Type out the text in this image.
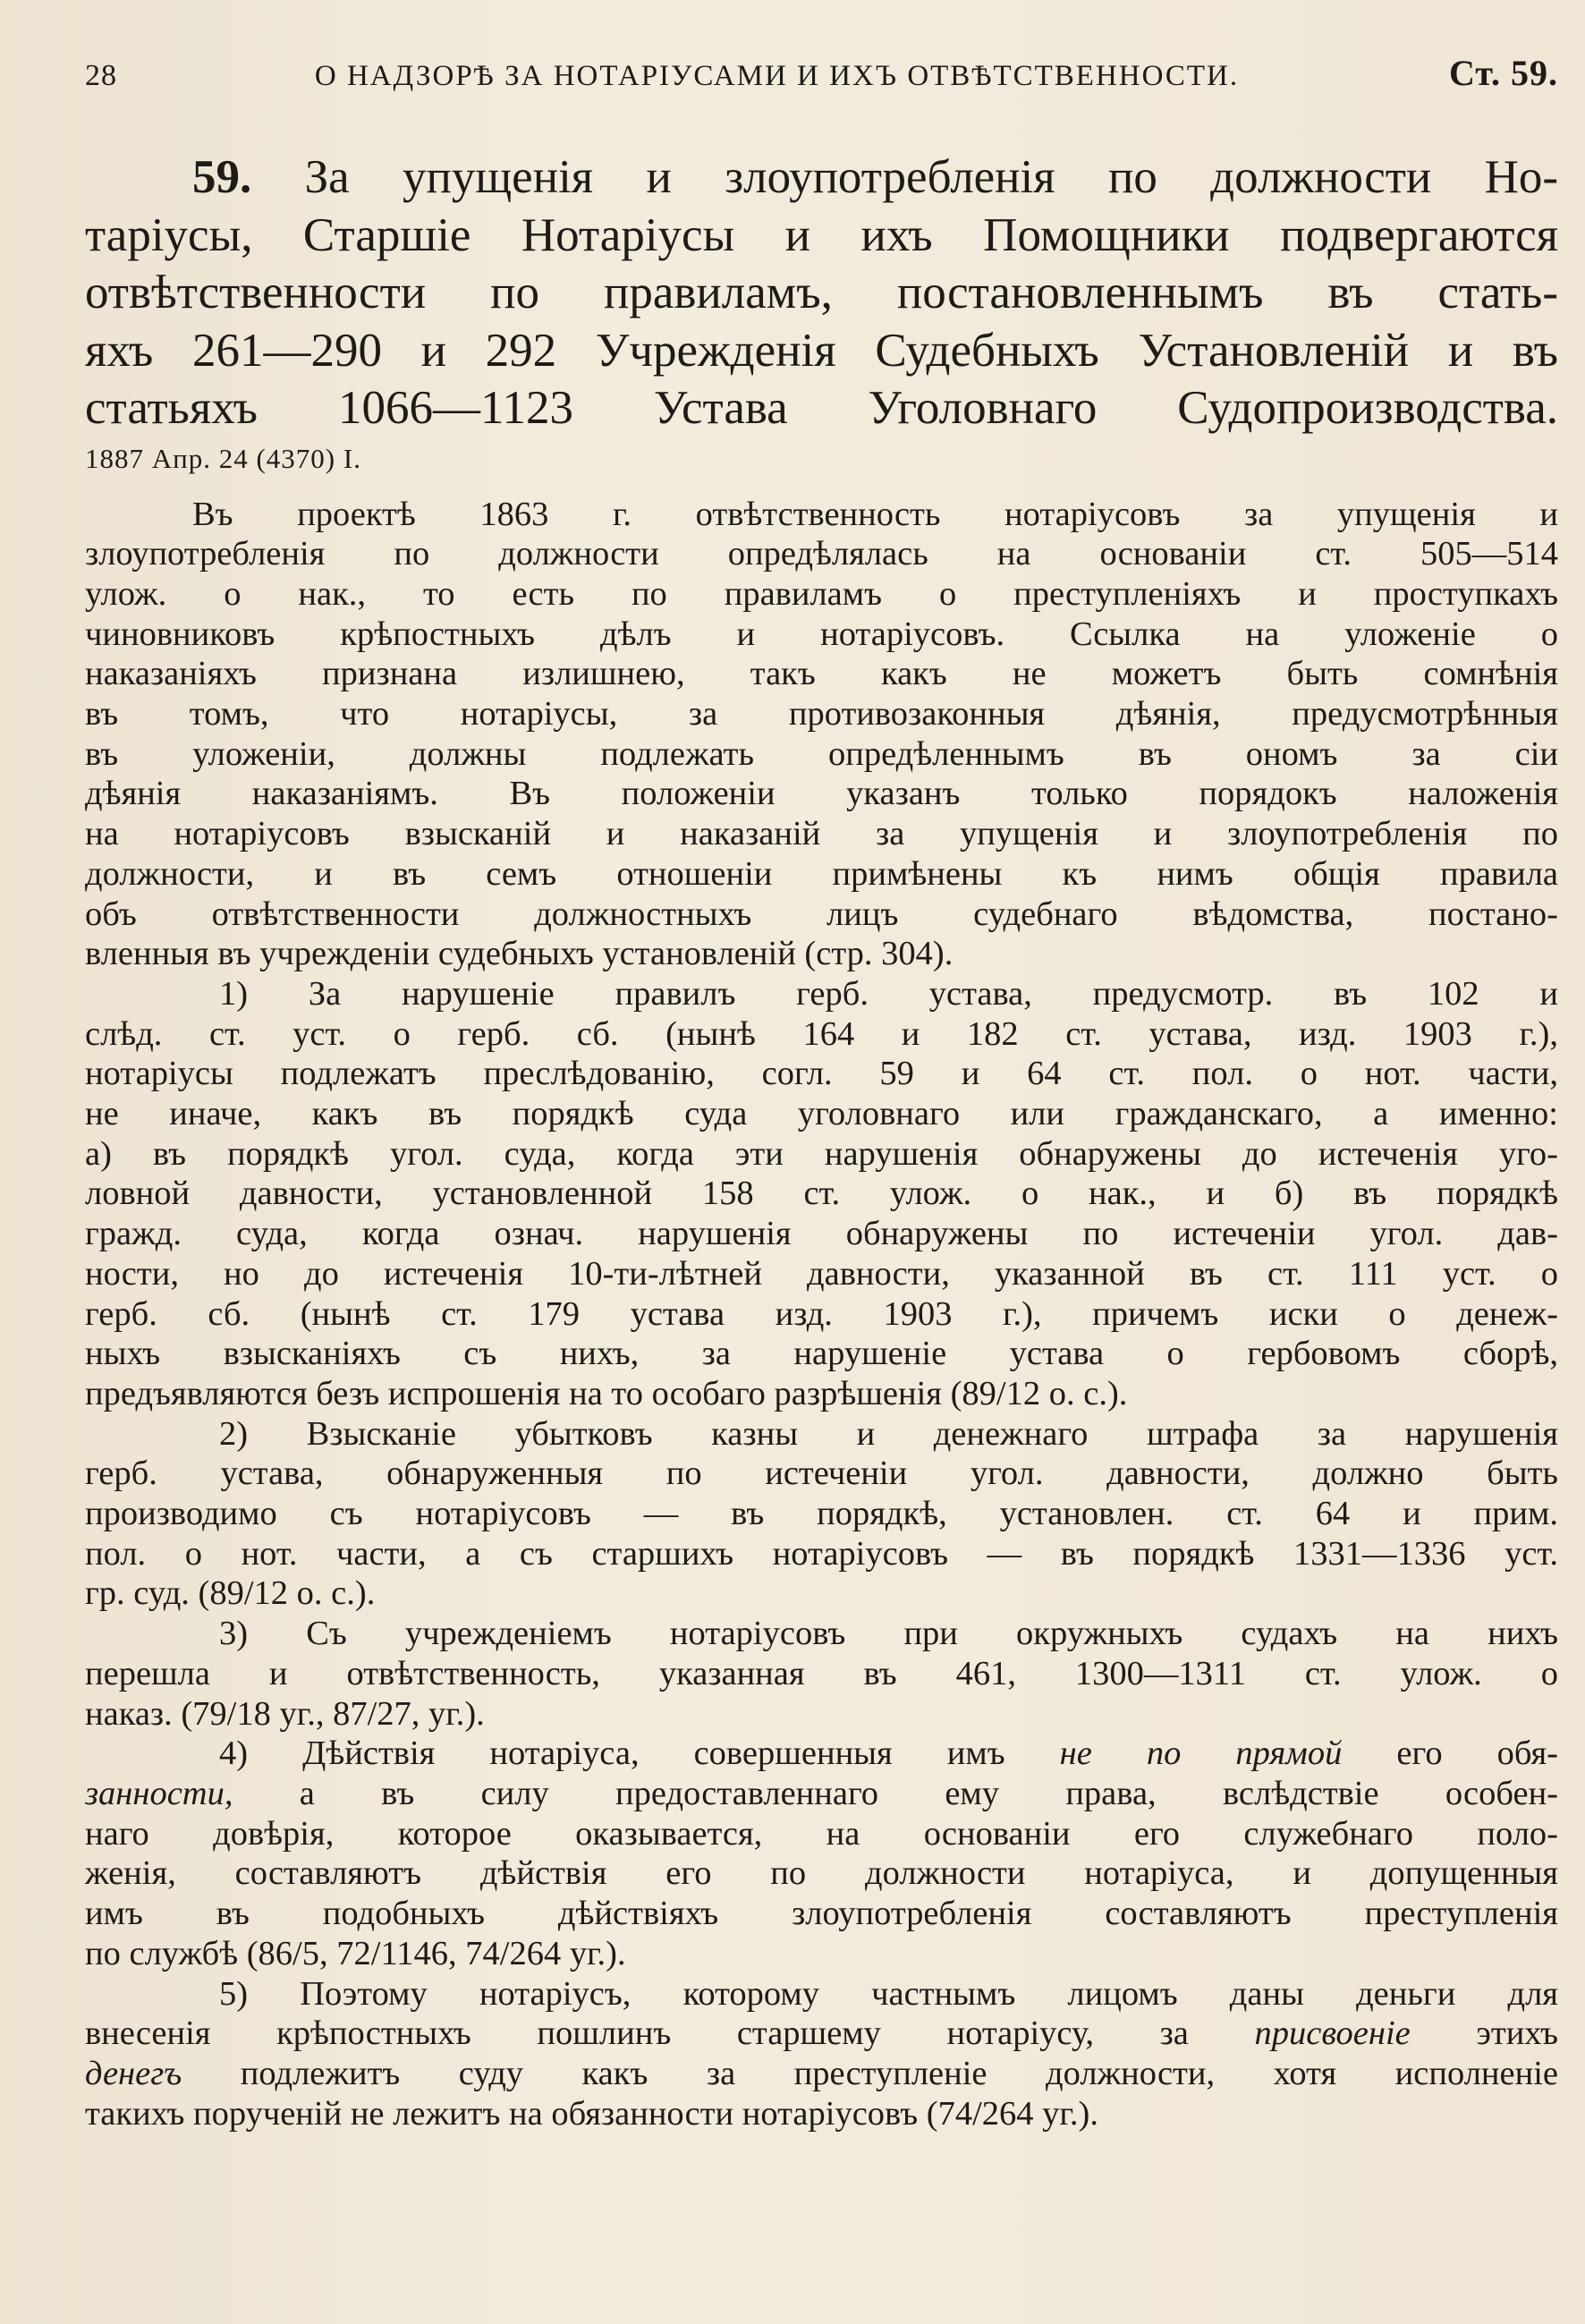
28	О НАДЗОРѢ ЗА НОТАРІУСАМИ И ИХЪ ОТВѢТСТВЕННОСТИ.	Ст. 59.
59. За упущенія и злоупотребленія по должности Но-
таріусы, Старшіе Нотаріусы и ихъ Помощники подвергаются
отвѣтственности по правиламъ, постановленнымъ въ стать-
яхъ 261—290 и 292 Учрежденія Судебныхъ Установленій и въ
статьяхъ 1066—1123 Устава Уголовнаго Судопроизводства.
1887 Апр. 24 (4370) I.
Въ проектѣ 1863 г. отвѣтственность нотаріусовъ за упущенія и
злоупотребленія по должности опредѣлялась на основаніи ст. 505—514
улож. о нак., то есть по правиламъ о преступленіяхъ и проступкахъ
чиновниковъ крѣпостныхъ дѣлъ и нотаріусовъ. Ссылка на уложеніе о
наказаніяхъ признана излишнею, такъ какъ не можетъ быть сомнѣнія
въ томъ, что нотаріусы, за противозаконныя дѣянія, предусмотрѣнныя
въ уложеніи, должны подлежать опредѣленнымъ въ ономъ за сіи
дѣянія наказаніямъ. Въ положеніи указанъ только порядокъ наложенія
на нотаріусовъ взысканій и наказаній за упущенія и злоупотребленія по
должности, и въ семъ отношеніи примѣнены къ нимъ общія правила
объ отвѣтственности должностныхъ лицъ судебнаго вѣдомства, постано-
вленныя въ учрежденіи судебныхъ установленій (стр. 304).
1) За нарушеніе правилъ герб. устава, предусмотр. въ 102 и
слѣд. ст. уст. о герб. сб. (нынѣ 164 и 182 ст. устава, изд. 1903 г.),
нотаріусы подлежатъ преслѣдованію, согл. 59 и 64 ст. пол. о нот. части,
не иначе, какъ въ порядкѣ суда уголовнаго или гражданскаго, а именно:
а) въ порядкѣ угол. суда, когда эти нарушенія обнаружены до истеченія уго-
ловной давности, установленной 158 ст. улож. о нак., и б) въ порядкѣ
гражд. суда, когда означ. нарушенія обнаружены по истеченіи угол. дав-
ности, но до истеченія 10-ти-лѣтней давности, указанной въ ст. 111 уст. о
герб. сб. (нынѣ ст. 179 устава изд. 1903 г.), причемъ иски о денеж-
ныхъ взысканіяхъ съ нихъ, за нарушеніе устава о гербовомъ сборѣ,
предъявляются безъ испрошенія на то особаго разрѣшенія (89/12 о. с.).
2) Взысканіе убытковъ казны и денежнаго штрафа за нарушенія
герб. устава, обнаруженныя по истеченіи угол. давности, должно быть
производимо съ нотаріусовъ — въ порядкѣ, установлен. ст. 64 и прим.
пол. о нот. части, а съ старшихъ нотаріусовъ — въ порядкѣ 1331—1336 уст.
гр. суд. (89/12 о. с.).
3) Съ учрежденіемъ нотаріусовъ при окружныхъ судахъ на нихъ
перешла и отвѣтственность, указанная въ 461, 1300—1311 ст. улож. о
наказ. (79/18 уг., 87/27, уг.).
4) Дѣйствія нотаріуса, совершенныя имъ не по прямой его обя-
занности, а въ силу предоставленнаго ему права, вслѣдствіе особен-
наго довѣрія, которое оказывается, на основаніи его служебнаго поло-
женія, составляютъ дѣйствія его по должности нотаріуса, и допущенныя
имъ въ подобныхъ дѣйствіяхъ злоупотребленія составляютъ преступленія
по службѣ (86/5, 72/1146, 74/264 уг.).
5) Поэтому нотаріусъ, которому частнымъ лицомъ даны деньги для
внесенія крѣпостныхъ пошлинъ старшему нотаріусу, за присвоеніе этихъ
денегъ подлежитъ суду какъ за преступленіе должности, хотя исполненіе
такихъ порученій не лежитъ на обязанности нотаріусовъ (74/264 уг.).
